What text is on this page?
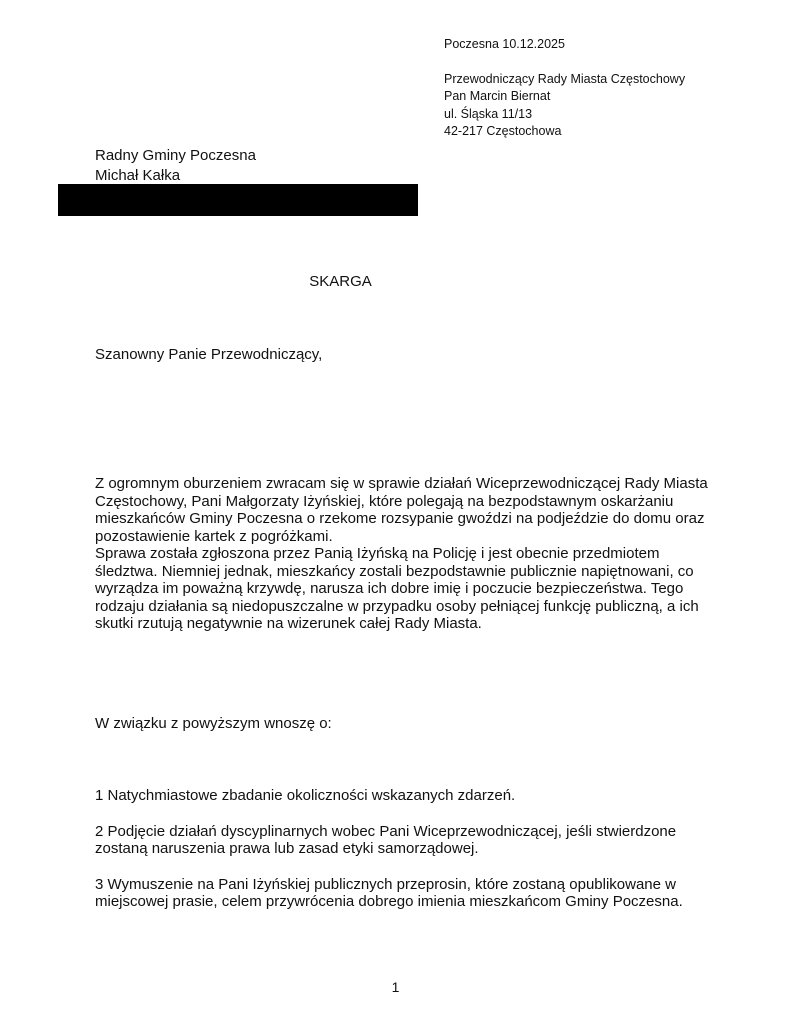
Poczesna 10.12.2025
Przewodniczący Rady Miasta Częstochowy
Pan Marcin Biernat
ul. Śląska 11/13
42-217 Częstochowa
Radny Gminy Poczesna
Michał Kałka
SKARGA
Szanowny Panie Przewodniczący,

Z ogromnym oburzeniem zwracam się w sprawie działań Wiceprzewodniczącej Rady Miasta Częstochowy, Pani Małgorzaty Iżyńskiej, które polegają na bezpodstawnym oskarżaniu mieszkańców Gminy Poczesna o rzekome rozsypanie gwoździ na podjeździe do domu oraz pozostawienie kartek z pogróżkami.

Sprawa została zgłoszona przez Panią Iżyńską na Policję i jest obecnie przedmiotem śledztwa. Niemniej jednak, mieszkańcy zostali bezpodstawnie publicznie napiętnowani, co wyrządza im poważną krzywdę, narusza ich dobre imię i poczucie bezpieczeństwa. Tego rodzaju działania są niedopuszczalne w przypadku osoby pełniącej funkcję publiczną, a ich skutki rzutują negatywnie na wizerunek całej Rady Miasta.

W związku z powyższym wnoszę o:

1 Natychmiastowe zbadanie okoliczności wskazanych zdarzeń.

2 Podjęcie działań dyscyplinarnych wobec Pani Wiceprzewodniczącej, jeśli stwierdzone zostaną naruszenia prawa lub zasad etyki samorządowej.

3 Wymuszenie na Pani Iżyńskiej publicznych przeprosin, które zostaną opublikowane w miejscowej prasie, celem przywrócenia dobrego imienia mieszkańcom Gminy Poczesna.

1
